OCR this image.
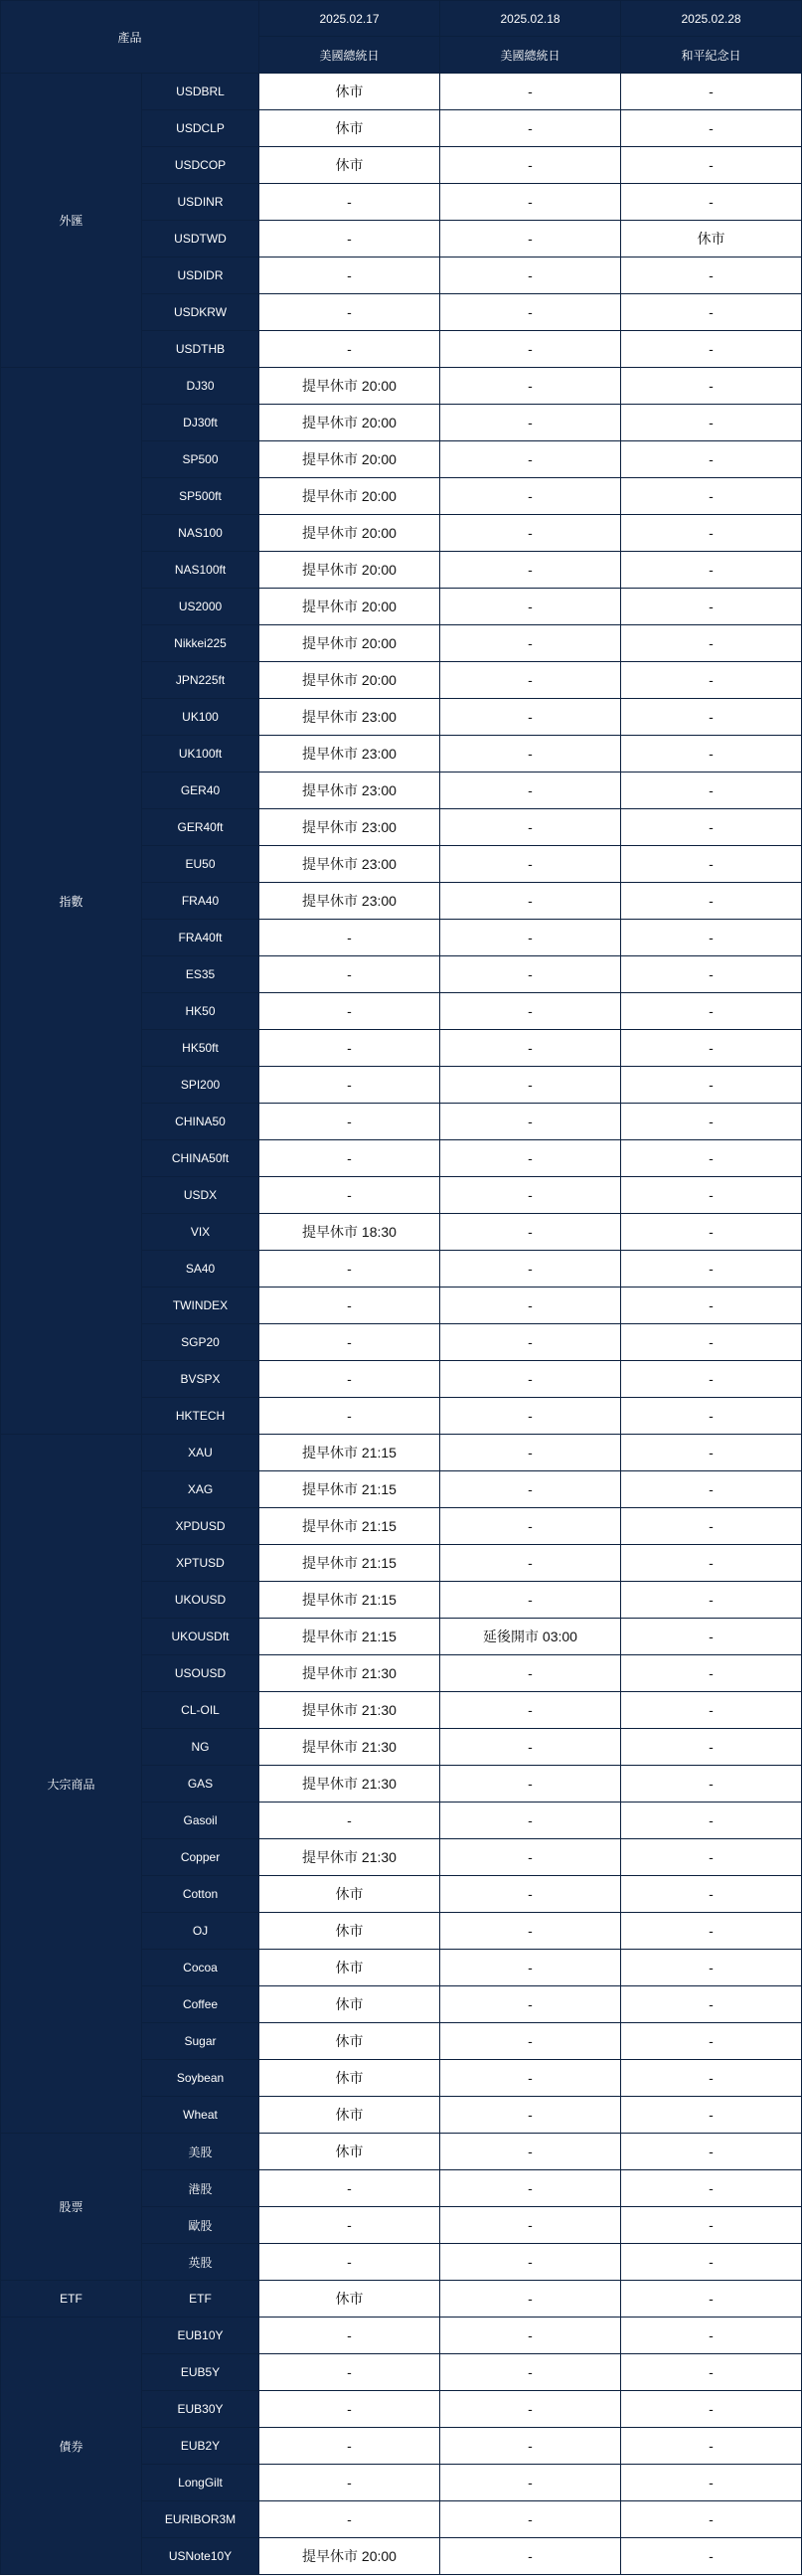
產品		2025.02.17	2025.02.18	2025.02.28
		美國總統日	美國總統日	和平紀念日
外匯	USDBRL	休市	-	-
	USDCLP	休市	-	-
	USDCOP	休市	-	-
	USDINR	-	-	-
	USDTWD	-	-	休市
	USDIDR	-	-	-
	USDKRW	-	-	-
	USDTHB	-	-	-
指數	DJ30	提早休市 20:00	-	-
	DJ30ft	提早休市 20:00	-	-
	SP500	提早休市 20:00	-	-
	SP500ft	提早休市 20:00	-	-
	NAS100	提早休市 20:00	-	-
	NAS100ft	提早休市 20:00	-	-
	US2000	提早休市 20:00	-	-
	Nikkei225	提早休市 20:00	-	-
	JPN225ft	提早休市 20:00	-	-
	UK100	提早休市 23:00	-	-
	UK100ft	提早休市 23:00	-	-
	GER40	提早休市 23:00	-	-
	GER40ft	提早休市 23:00	-	-
	EU50	提早休市 23:00	-	-
	FRA40	提早休市 23:00	-	-
	FRA40ft	-	-	-
	ES35	-	-	-
	HK50	-	-	-
	HK50ft	-	-	-
	SPI200	-	-	-
	CHINA50	-	-	-
	CHINA50ft	-	-	-
	USDX	-	-	-
	VIX	提早休市 18:30	-	-
	SA40	-	-	-
	TWINDEX	-	-	-
	SGP20	-	-	-
	BVSPX	-	-	-
	HKTECH	-	-	-
大宗商品	XAU	提早休市 21:15	-	-
	XAG	提早休市 21:15	-	-
	XPDUSD	提早休市 21:15	-	-
	XPTUSD	提早休市 21:15	-	-
	UKOUSD	提早休市 21:15	-	-
	UKOUSDft	提早休市 21:15	延後開市 03:00	-
	USOUSD	提早休市 21:30	-	-
	CL-OIL	提早休市 21:30	-	-
	NG	提早休市 21:30	-	-
	GAS	提早休市 21:30	-	-
	Gasoil	-	-	-
	Copper	提早休市 21:30	-	-
	Cotton	休市	-	-
	OJ	休市	-	-
	Cocoa	休市	-	-
	Coffee	休市	-	-
	Sugar	休市	-	-
	Soybean	休市	-	-
	Wheat	休市	-	-
股票	美股	休市	-	-
	港股	-	-	-
	歐股	-	-	-
	英股	-	-	-
ETF	ETF	休市	-	-
債券	EUB10Y	-	-	-
	EUB5Y	-	-	-
	EUB30Y	-	-	-
	EUB2Y	-	-	-
	LongGilt	-	-	-
	EURIBOR3M	-	-	-
	USNote10Y	提早休市 20:00	-	-
